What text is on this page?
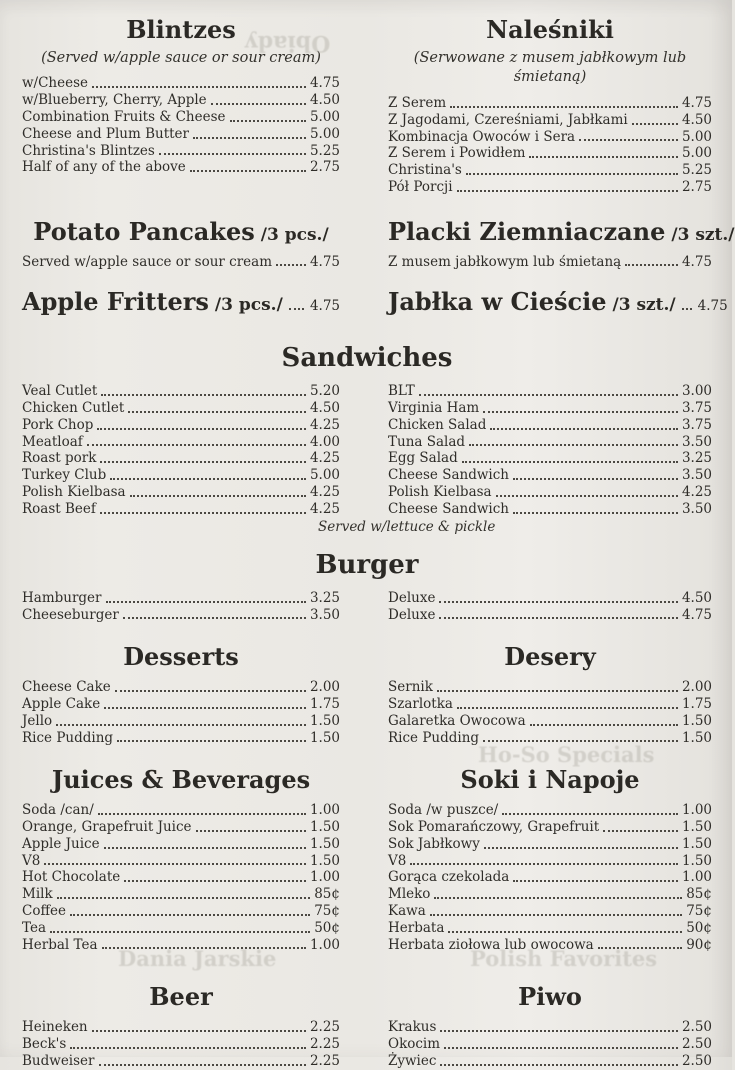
Obiady
Ho-So Specials
Dania Jarskie	Polish Favorites
Blintzes
(Served w/apple sauce or sour cream)
w/Cheese	4.75
w/Blueberry, Cherry, Apple	4.50
Combination Fruits & Cheese	5.00
Cheese and Plum Butter	5.00
Christina's Blintzes	5.25
Half of any of the above	2.75
Naleśniki
(Serwowane z musem jabłkowym lub śmietaną)
Z Serem	4.75
Z Jagodami, Czereśniami, Jabłkami	4.50
Kombinacja Owoców i Sera	5.00
Z Serem i Powidłem	5.00
Christina's	5.25
Pół Porcji	2.75
Potato Pancakes /3 pcs./
Served w/apple sauce or sour cream	4.75
Placki Ziemniaczane /3 szt./
Z musem jabłkowym lub śmietaną	4.75
Apple Fritters /3 pcs./ 4.75 Jabłka w Cieście /3 szt./ 4.75
Sandwiches
Veal Cutlet	5.20
Chicken Cutlet	4.50
Pork Chop	4.25
Meatloaf	4.00
Roast pork	4.25
Turkey Club	5.00
Polish Kielbasa	4.25
Roast Beef	4.25
BLT	3.00
Virginia Ham	3.75
Chicken Salad	3.75
Tuna Salad	3.50
Egg Salad	3.25
Cheese Sandwich	3.50
Polish Kielbasa	4.25
Cheese Sandwich	3.50
Served w/lettuce & pickle
Burger
Hamburger	3.25
Cheeseburger	3.50
Deluxe	4.50
Deluxe	4.75
Desserts
Cheese Cake	2.00
Apple Cake	1.75
Jello	1.50
Rice Pudding	1.50
Desery
Sernik	2.00
Szarlotka	1.75
Galaretka Owocowa	1.50
Rice Pudding	1.50
Juices & Beverages
Soda /can/	1.00
Orange, Grapefruit Juice	1.50
Apple Juice	1.50
V8	1.50
Hot Chocolate	1.00
Milk	85¢
Coffee	75¢
Tea	50¢
Herbal Tea	1.00
Soki i Napoje
Soda /w puszce/	1.00
Sok Pomarańczowy, Grapefruit	1.50
Sok Jabłkowy	1.50
V8	1.50
Gorąca czekolada	1.00
Mleko	85¢
Kawa	75¢
Herbata	50¢
Herbata ziołowa lub owocowa	90¢
Beer
Heineken	2.25
Beck's	2.25
Budweiser	2.25
Piwo
Krakus	2.50
Okocim	2.50
Żywiec	2.50
